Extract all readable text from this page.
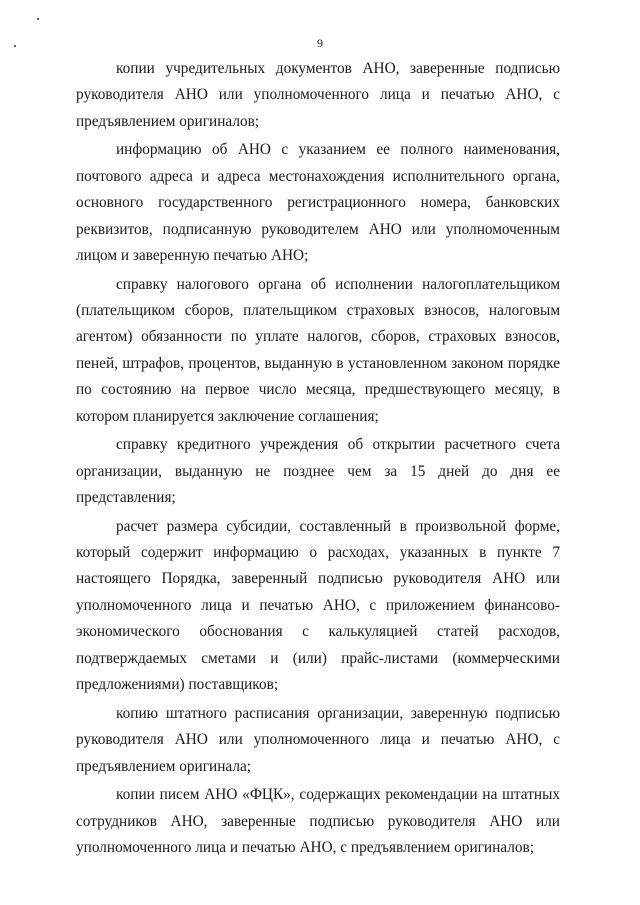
9

копии учредительных документов АНО, заверенные подписью руководителя АНО или уполномоченного лица и печатью АНО, с предъявлением оригиналов;

информацию об АНО с указанием ее полного наименования, почтового адреса и адреса местонахождения исполнительного органа, основного государственного регистрационного номера, банковских реквизитов, подписанную руководителем АНО или уполномоченным лицом и заверенную печатью АНО;

справку налогового органа об исполнении налогоплательщиком (плательщиком сборов, плательщиком страховых взносов, налоговым агентом) обязанности по уплате налогов, сборов, страховых взносов, пеней, штрафов, процентов, выданную в установленном законом порядке по состоянию на первое число месяца, предшествующего месяцу, в котором планируется заключение соглашения;

справку кредитного учреждения об открытии расчетного счета организации, выданную не позднее чем за 15 дней до дня ее представления;

расчет размера субсидии, составленный в произвольной форме, который содержит информацию о расходах, указанных в пункте 7 настоящего Порядка, заверенный подписью руководителя АНО или уполномоченного лица и печатью АНО, с приложением финансово-экономического обоснования с калькуляцией статей расходов, подтверждаемых сметами и (или) прайс-листами (коммерческими предложениями) поставщиков;

копию штатного расписания организации, заверенную подписью руководителя АНО или уполномоченного лица и печатью АНО, с предъявлением оригинала;

копии писем АНО «ФЦК», содержащих рекомендации на штатных сотрудников АНО, заверенные подписью руководителя АНО или уполномоченного лица и печатью АНО, с предъявлением оригиналов;
